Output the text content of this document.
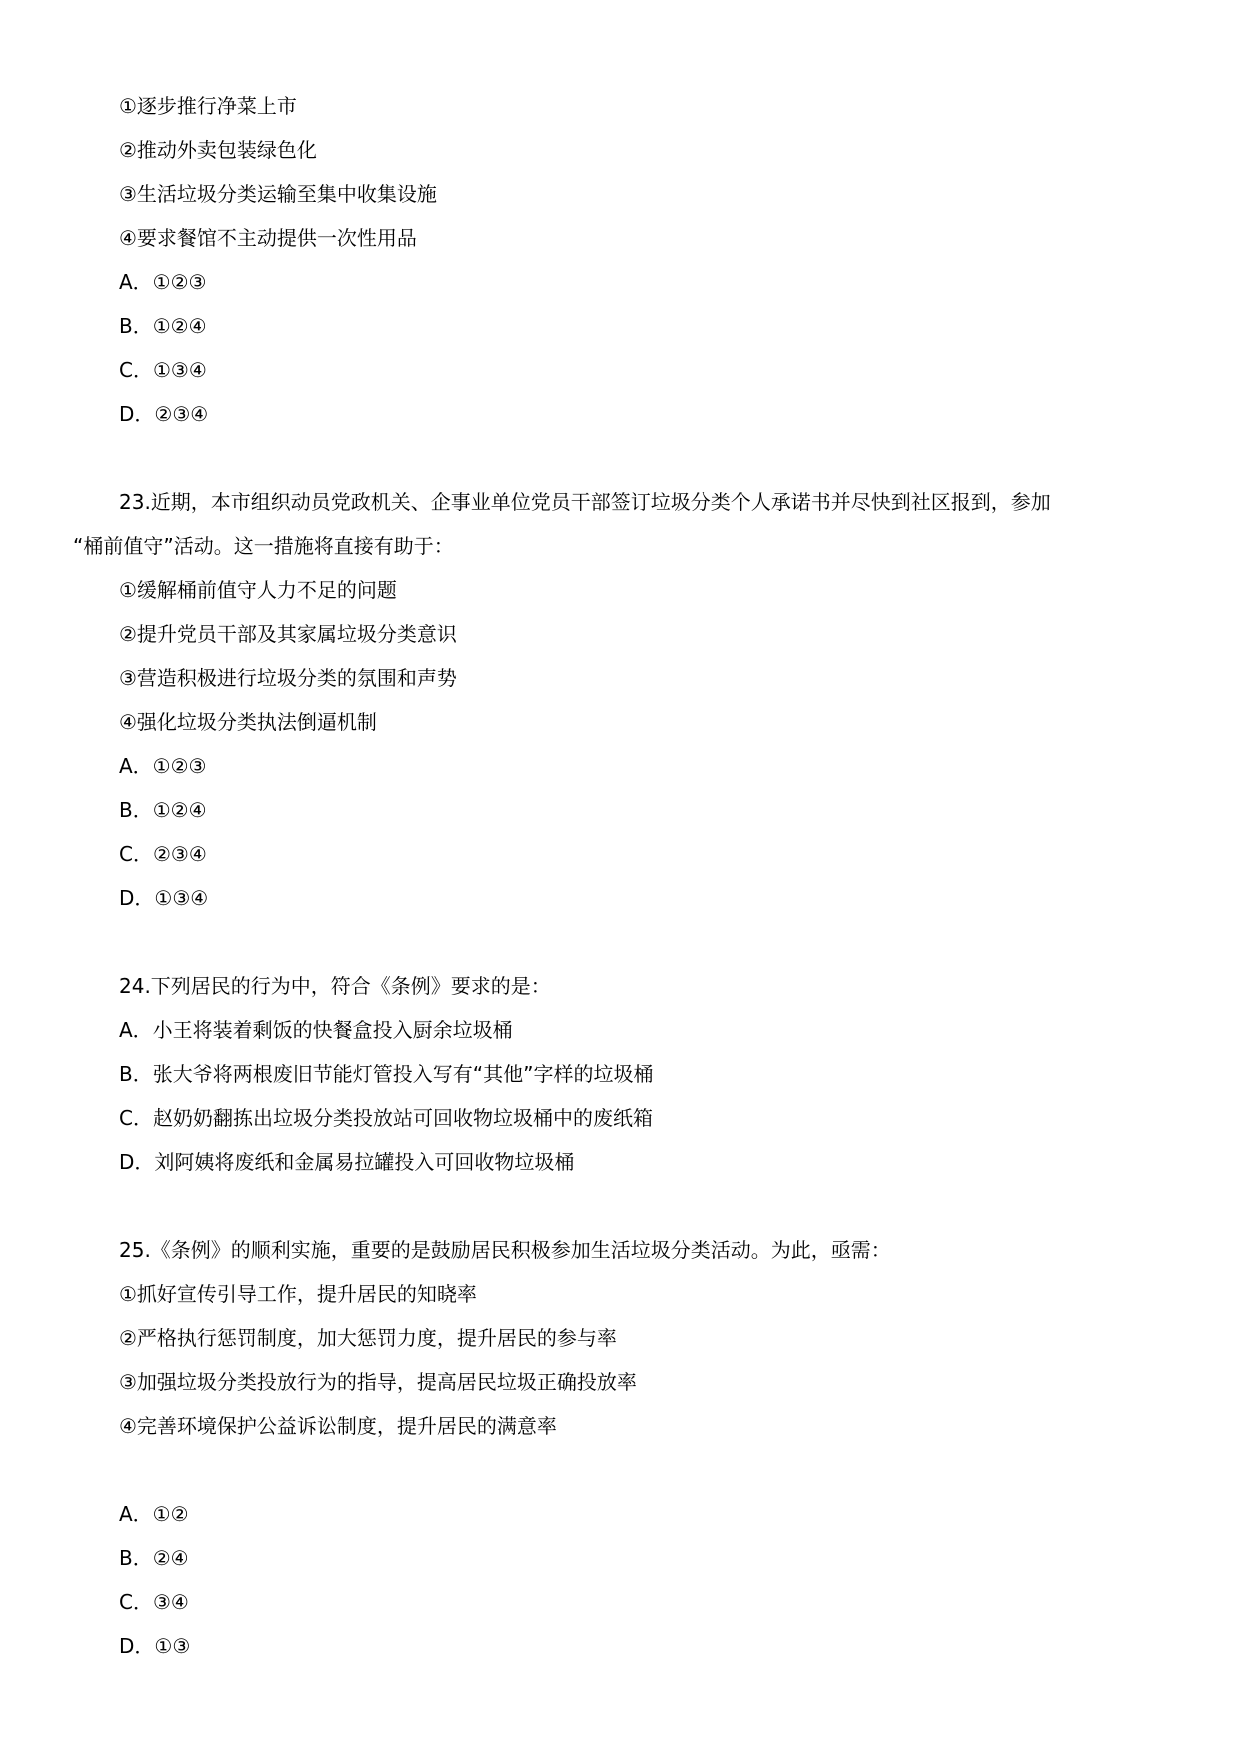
①逐步推行净菜上市
②推动外卖包装绿色化
③生活垃圾分类运输至集中收集设施
④要求餐馆不主动提供一次性用品
A．①②③
B．①②④
C．①③④
D．②③④
23.近期，本市组织动员党政机关、企事业单位党员干部签订垃圾分类个人承诺书并尽快到社区报到，参加
“桶前值守”活动。这一措施将直接有助于：
①缓解桶前值守人力不足的问题
②提升党员干部及其家属垃圾分类意识
③营造积极进行垃圾分类的氛围和声势
④强化垃圾分类执法倒逼机制
A．①②③
B．①②④
C．②③④
D．①③④
24.下列居民的行为中，符合《条例》要求的是：
A．小王将装着剩饭的快餐盒投入厨余垃圾桶
B．张大爷将两根废旧节能灯管投入写有“其他”字样的垃圾桶
C．赵奶奶翻拣出垃圾分类投放站可回收物垃圾桶中的废纸箱
D．刘阿姨将废纸和金属易拉罐投入可回收物垃圾桶
25.《条例》的顺利实施，重要的是鼓励居民积极参加生活垃圾分类活动。为此，亟需：
①抓好宣传引导工作，提升居民的知晓率
②严格执行惩罚制度，加大惩罚力度，提升居民的参与率
③加强垃圾分类投放行为的指导，提高居民垃圾正确投放率
④完善环境保护公益诉讼制度，提升居民的满意率
A．①②
B．②④
C．③④
D．①③
